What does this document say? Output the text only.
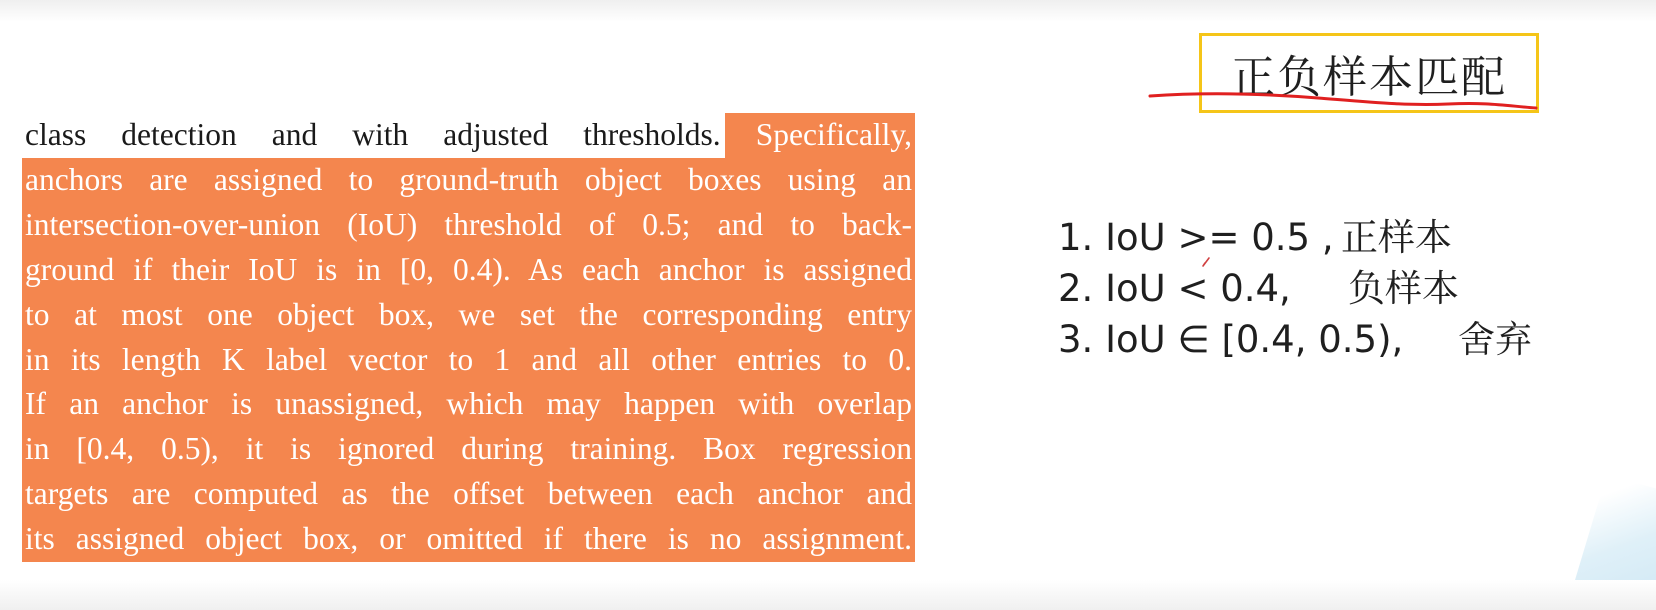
class detection and with adjusted thresholds. Specifically,
anchors are assigned to ground-truth object boxes using an
intersection-over-union (IoU) threshold of 0.5; and to back-
ground if their IoU is in [0, 0.4). As each anchor is assigned
to at most one object box, we set the corresponding entry
in its length K label vector to 1 and all other entries to 0.
If an anchor is unassigned, which may happen with overlap
in [0.4, 0.5), it is ignored during training. Box regression
targets are computed as the offset between each anchor and
its assigned object box, or omitted if there is no assignment.
正负样本匹配
1. IoU >= 0.5 , 正样本
2. IoU < 0.4,	负样本
3. IoU ∈ [0.4, 0.5),	舍弃
